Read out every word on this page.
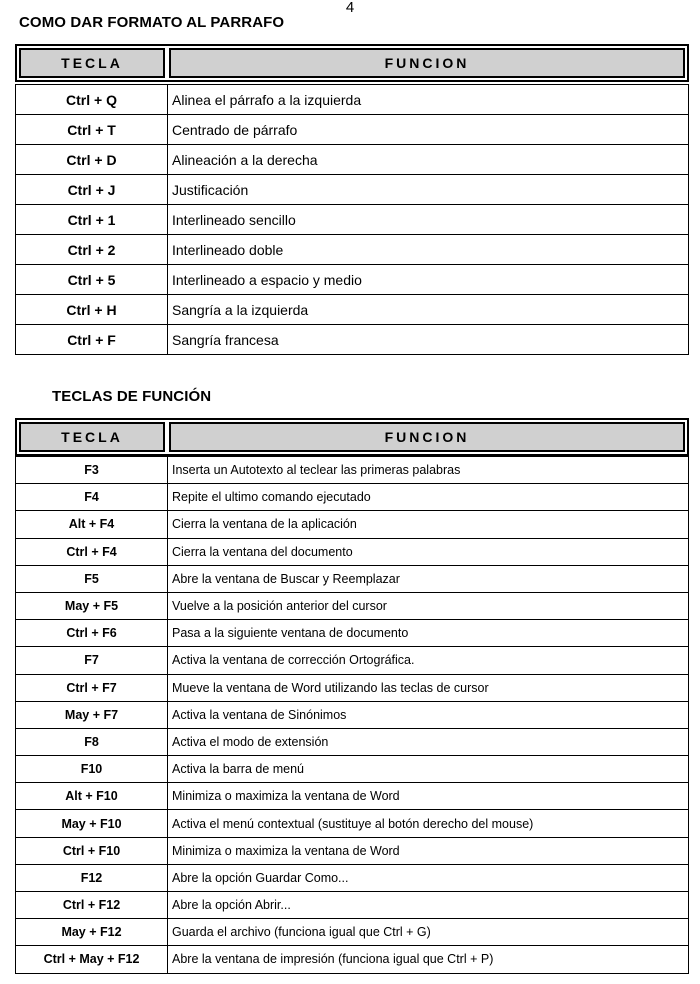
4
COMO DAR FORMATO AL PARRAFO
TECLA	FUNCION
Ctrl + Q	Alinea el párrafo a la izquierda
Ctrl + T	Centrado de párrafo
Ctrl + D	Alineación a la derecha
Ctrl + J	Justificación
Ctrl + 1	Interlineado sencillo
Ctrl + 2	Interlineado doble
Ctrl + 5	Interlineado a espacio y medio
Ctrl + H	Sangría a la izquierda
Ctrl + F	Sangría francesa
TECLAS DE FUNCIÓN
TECLA	FUNCION
F3	Inserta un Autotexto al teclear las primeras palabras
F4	Repite el ultimo comando ejecutado
Alt + F4	Cierra la ventana de la aplicación
Ctrl + F4	Cierra la ventana del documento
F5	Abre la ventana de Buscar y Reemplazar
May + F5	Vuelve a la posición anterior del cursor
Ctrl + F6	Pasa a la siguiente ventana de documento
F7	Activa la ventana de corrección Ortográfica.
Ctrl + F7	Mueve la ventana de Word utilizando las teclas de cursor
May + F7	Activa la ventana de Sinónimos
F8	Activa el modo de extensión
F10	Activa la barra de menú
Alt + F10	Minimiza o maximiza la ventana de Word
May + F10	Activa el menú contextual (sustituye al botón derecho del mouse)
Ctrl + F10	Minimiza o maximiza la ventana de Word
F12	Abre la opción Guardar Como...
Ctrl + F12	Abre la opción Abrir...
May + F12	Guarda el archivo (funciona igual que Ctrl + G)
Ctrl + May + F12	Abre la ventana de impresión (funciona igual que Ctrl + P)
